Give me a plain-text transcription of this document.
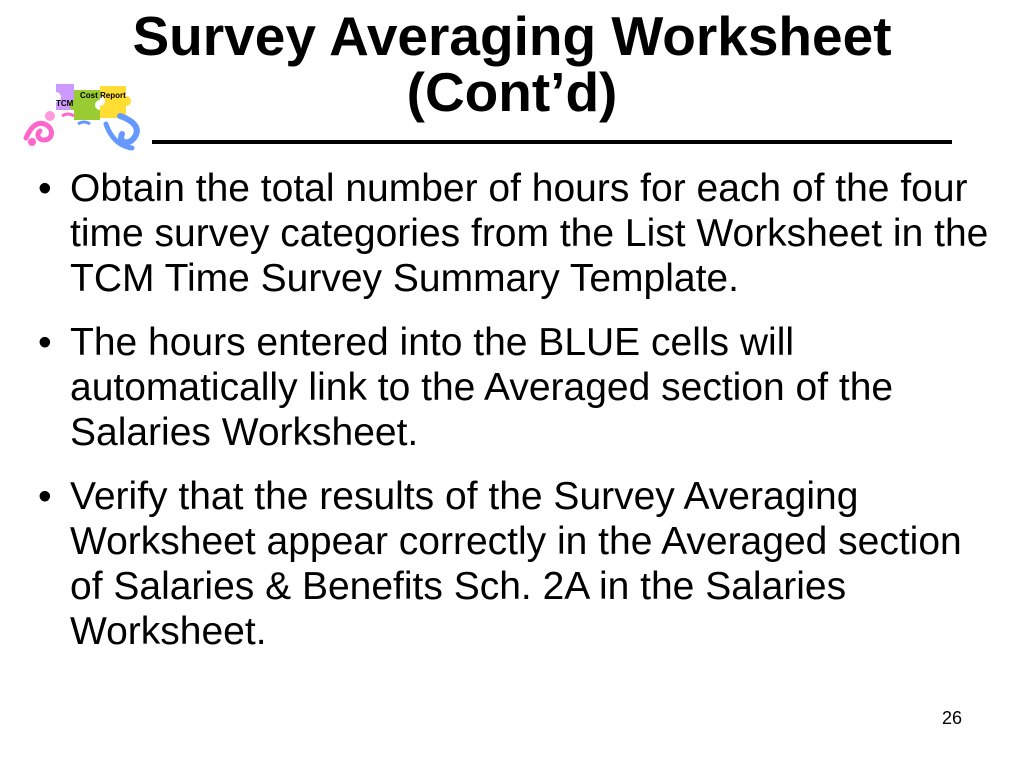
Survey Averaging Worksheet
(Cont’d)
TCM
Cost Report
• Obtain the total number of hours for each of the four time survey categories from the List Worksheet in the TCM Time Survey Summary Template.
• The hours entered into the BLUE cells will automatically link to the Averaged section of the Salaries Worksheet.
• Verify that the results of the Survey Averaging Worksheet appear correctly in the Averaged section of Salaries & Benefits Sch. 2A in the Salaries Worksheet.
26
